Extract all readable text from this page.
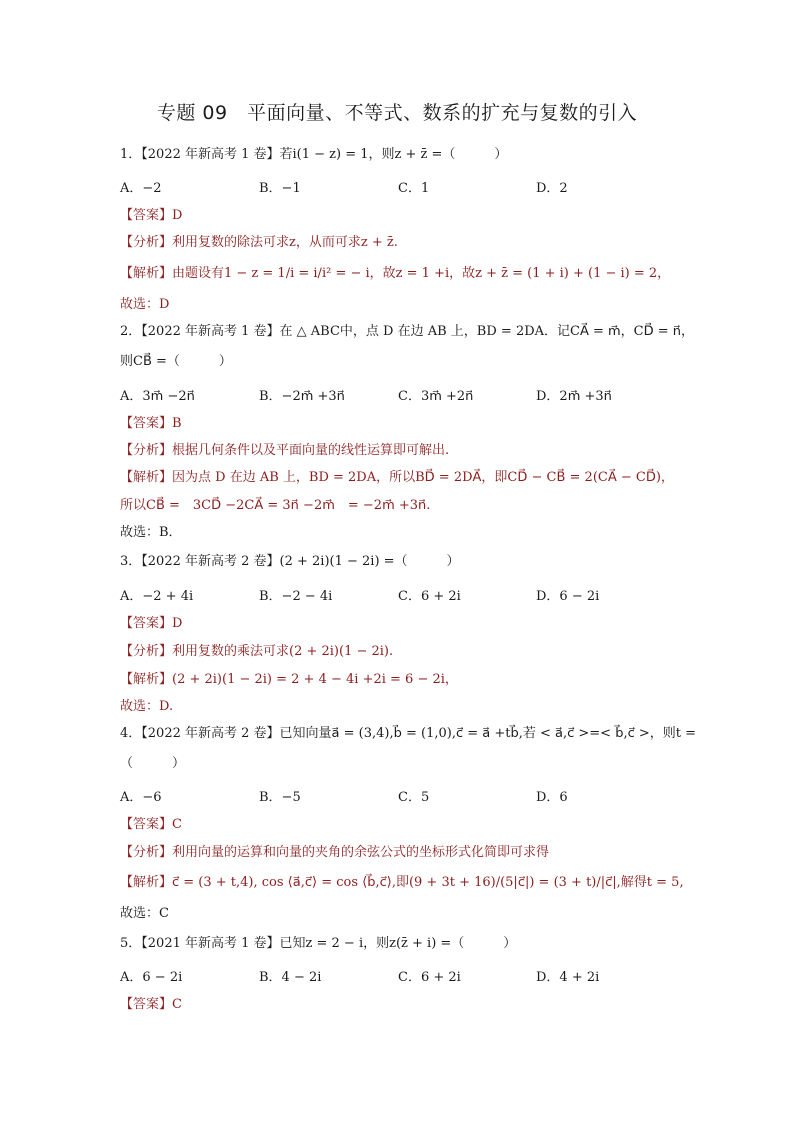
专题 09　平面向量、不等式、数系的扩充与复数的引入
1．【2022 年新高考 1 卷】若i(1 − z) = 1，则z + z̄ =（　　　）
A．−2	B．−1	C．1	D．2
【答案】D
【分析】利用复数的除法可求z，从而可求z + z̄.
【解析】由题设有1 − z = 1/i = i/i² = − i，故z = 1 +i，故z + z̄ = (1 + i) + (1 − i) = 2，
故选：D
2．【2022 年新高考 1 卷】在 △ ABC中，点 D 在边 AB 上，BD = 2DA．记CA⃗ = m⃗，CD⃗ = n⃗，
则CB⃗ =（　　　）
A．3m⃗ −2n⃗	B．−2m⃗ +3n⃗	C．3m⃗ +2n⃗	D．2m⃗ +3n⃗
【答案】B
【分析】根据几何条件以及平面向量的线性运算即可解出.
【解析】因为点 D 在边 AB 上，BD = 2DA，所以BD⃗ = 2DA⃗，即CD⃗ − CB⃗ = 2(CA⃗ − CD⃗)，
所以CB⃗ =　3CD⃗ −2CA⃗ = 3n⃗ −2m⃗　= −2m⃗ +3n⃗.
故选：B．
3．【2022 年新高考 2 卷】(2 + 2i)(1 − 2i) =（　　　）
A．−2 + 4i	B．−2 − 4i	C．6 + 2i	D．6 − 2i
【答案】D
【分析】利用复数的乘法可求(2 + 2i)(1 − 2i).
【解析】(2 + 2i)(1 − 2i) = 2 + 4 − 4i +2i = 6 − 2i，
故选：D.
4．【2022 年新高考 2 卷】已知向量a⃗ = (3,4),b⃗ = (1,0),c⃗ = a⃗ +tb⃗,若 < a⃗,c⃗ >=< b⃗,c⃗ >，则t =
（　　　）
A．−6	B．−5	C．5	D．6
【答案】C
【分析】利用向量的运算和向量的夹角的余弦公式的坐标形式化简即可求得
【解析】c⃗ = (3 + t,4), cos ⟨a⃗,c⃗⟩ = cos ⟨b⃗,c⃗⟩,即(9 + 3t + 16)/(5|c⃗|) = (3 + t)/|c⃗|,解得t = 5,
故选：C
5．【2021 年新高考 1 卷】已知z = 2 − i，则z(z̄ + i) =（　　　）
A．6 − 2i	B．4 − 2i	C．6 + 2i	D．4 + 2i
【答案】C
